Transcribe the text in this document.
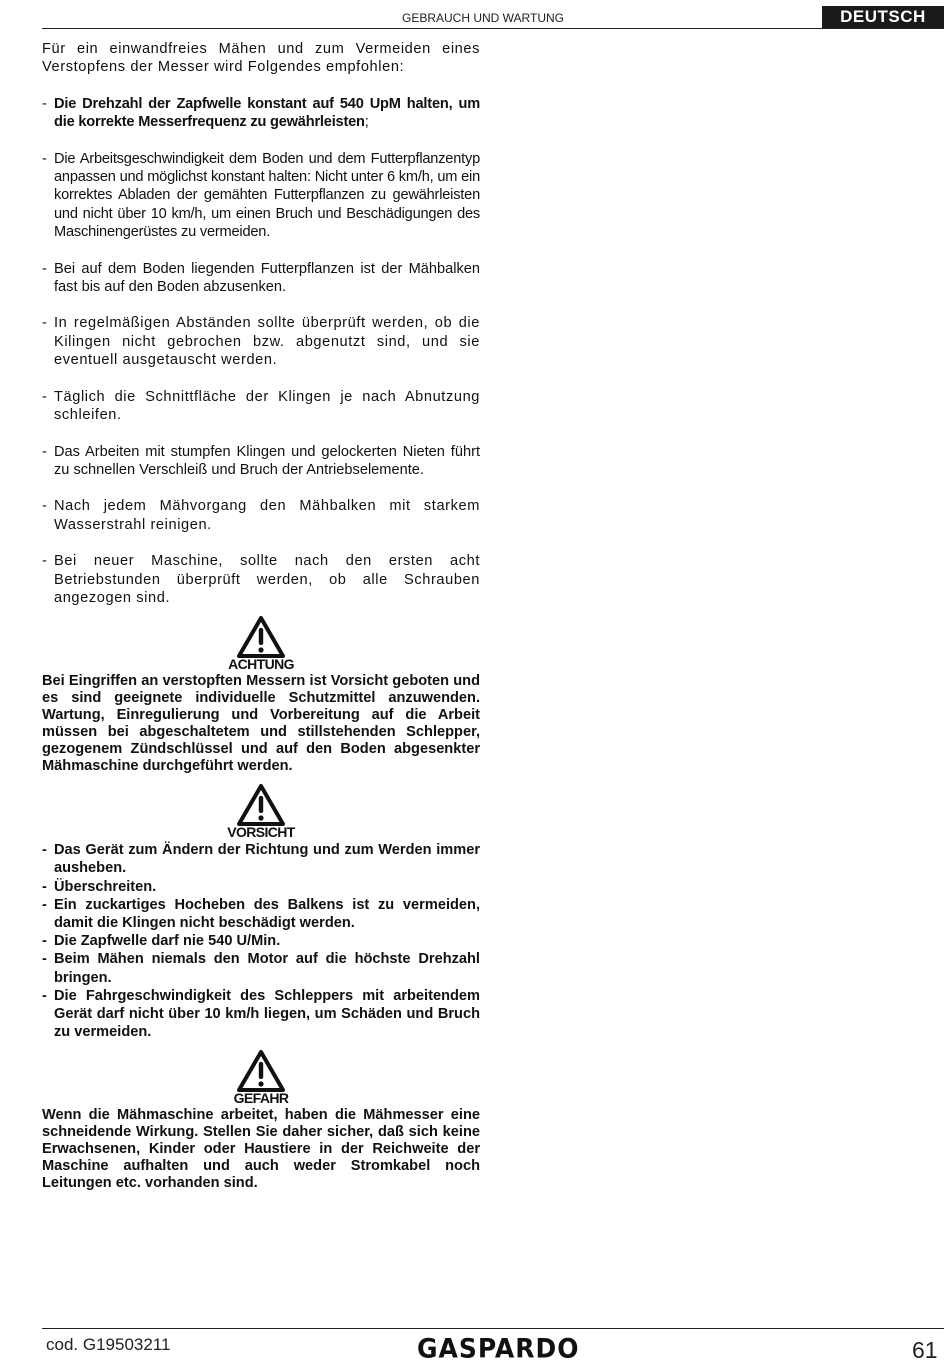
GEBRAUCH UND WARTUNG	DEUTSCH

Für ein einwandfreies Mähen und zum Vermeiden eines Verstopfens der Messer wird Folgendes empfohlen:

- Die Drehzahl der Zapfwelle konstant auf 540 UpM halten, um die korrekte Messerfrequenz zu gewährleisten;
- Die Arbeitsgeschwindigkeit dem Boden und dem Futterpflanzentyp anpassen und möglichst konstant halten: Nicht unter 6 km/h, um ein korrektes Abladen der gemähten Futterpflanzen zu gewährleisten und nicht über 10 km/h, um einen Bruch und Beschädigungen des Maschinengerüstes zu vermeiden.
- Bei auf dem Boden liegenden Futterpflanzen ist der Mähbalken fast bis auf den Boden abzusenken.
- In regelmäßigen Abständen sollte überprüft werden, ob die Kilingen nicht gebrochen bzw. abgenutzt sind, und sie eventuell ausgetauscht werden.
- Täglich die Schnittfläche der Klingen je nach Abnutzung schleifen.
- Das Arbeiten mit stumpfen Klingen und gelockerten Nieten führt zu schnellen Verschleiß und Bruch der Antriebselemente.
- Nach jedem Mähvorgang den Mähbalken mit starkem Wasserstrahl reinigen.
- Bei neuer Maschine, sollte nach den ersten acht Betriebstunden überprüft werden, ob alle Schrauben angezogen sind.
ACHTUNG

Bei Eingriffen an verstopften Messern ist Vorsicht geboten und es sind geeignete individuelle Schutzmittel anzuwenden. Wartung, Einregulierung und Vorbereitung auf die Arbeit müssen bei abgeschaltetem und stillstehenden Schlepper, gezogenem Zündschlüssel und auf den Boden abgesenkter Mähmaschine durchgeführt werden.

VORSICHT
- Das Gerät zum Ändern der Richtung und zum Werden immer ausheben.
- Überschreiten.
- Ein zuckartiges Hocheben des Balkens ist zu vermeiden, damit die Klingen nicht beschädigt werden.
- Die Zapfwelle darf nie 540 U/Min.
- Beim Mähen niemals den Motor auf die höchste Drehzahl bringen.
- Die Fahrgeschwindigkeit des Schleppers mit arbeitendem Gerät darf nicht über 10 km/h liegen, um Schäden und Bruch zu vermeiden.
GEFAHR

Wenn die Mähmaschine arbeitet, haben die Mähmesser eine schneidende Wirkung. Stellen Sie daher sicher, daß sich keine Erwachsenen, Kinder oder Haustiere in der Reichweite der Maschine aufhalten und auch weder Stromkabel noch Leitungen etc. vorhanden sind.

cod. G19503211	GASPARDO	61
